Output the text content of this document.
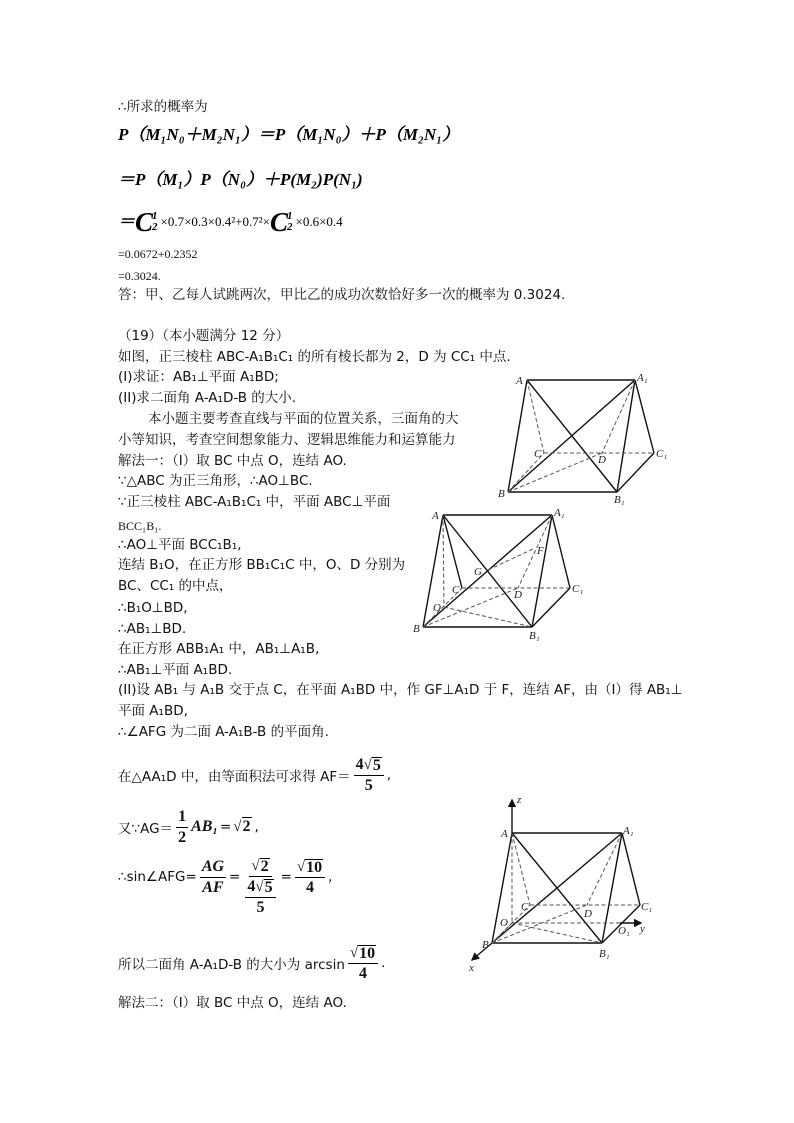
∴所求的概率为
P（M₁N₀＋M₂N₁）＝P（M₁N₀）＋P（M₂N₁）
＝P（M₁）P（N₀）＋P(M₂)P(N₁)
＝ C 1
2 ×0.7×0.3×0.4²+0.7²× C 1
2 ×0.6×0.4
=0.0672+0.2352
=0.3024.
答：甲、乙每人试跳两次，甲比乙的成功次数恰好多一次的概率为 0.3024.
（19）（本小题满分 12 分）
如图，正三棱柱 ABC-A₁B₁C₁ 的所有棱长都为 2，D 为 CC₁ 中点.
(I)求证：AB₁⊥平面 A₁BD;
(II)求二面角 A-A₁D-B 的大小.
本小题主要考查直线与平面的位置关系，三面角的大
小等知识，考查空间想象能力、逻辑思维能力和运算能力
解法一：（I）取 BC 中点 O，连结 AO.
∵△ABC 为正三角形，∴AO⊥BC.
∵正三棱柱 ABC-A₁B₁C₁ 中，平面 ABC⊥平面
BCC₁B₁.
∴AO⊥平面 BCC₁B₁,
连结 B₁O，在正方形 BB₁C₁C 中，O、D 分别为
BC、CC₁ 的中点，
∴B₁O⊥BD,
∴AB₁⊥BD.
在正方形 ABB₁A₁ 中，AB₁⊥A₁B,
∴AB₁⊥平面 A₁BD.
(II)设 AB₁ 与 A₁B 交于点 C，在平面 A₁BD 中，作 GF⊥A₁D 于 F，连结 AF，由（I）得 AB₁⊥
平面 A₁BD,
∴∠AFG 为二面 A-A₁B-B 的平面角.
在△AA₁D 中，由等面积法可求得 $AF= \frac{4 √ 5}{5}$ ,
又∵AG＝ $\frac{1}{2} AB_1 = √2$ ,
∴sin∠AFG= $\frac{AG}{AF} = \frac{√ 2}{\frac{4 √ 5}{5}} = \frac{√ 10}{4}$ ,
所以二面角 A-A₁D-B 的大小为 $\arcsin \frac{√ 10}{4}$ .
解法二：（I）取 BC 中点 O，连结 AO.
A	A₁
C	D	C₁
B	B₁
A	A₁
F
G
C	D	C₁
O
B
B₁
z
A	A₁
C
D
C₁
O
O₁ y
B
B₁
x
